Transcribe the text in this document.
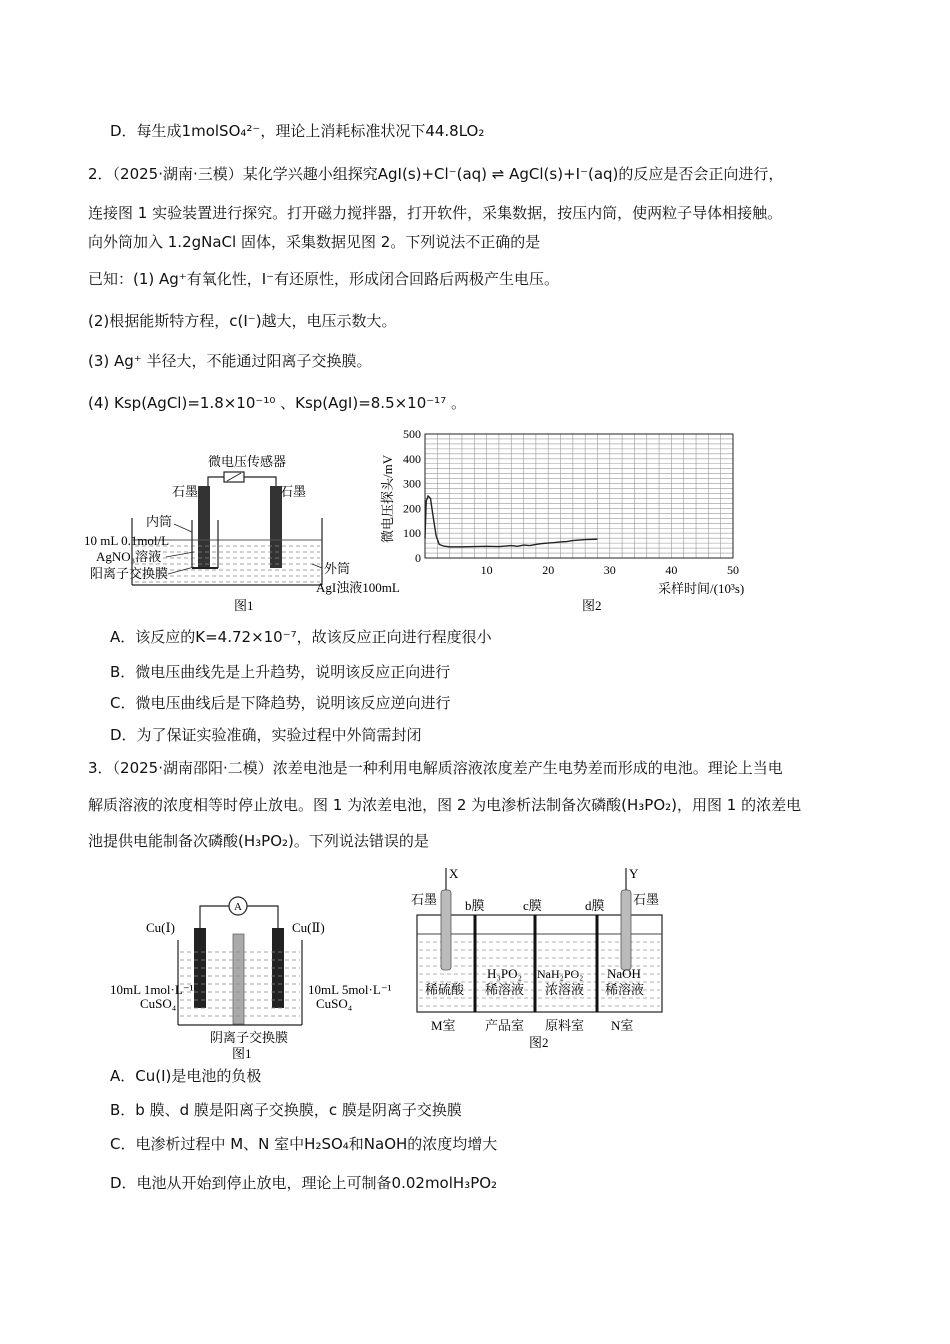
D．每生成1molSO₄²⁻，理论上消耗标准状况下44.8LO₂
2．（2025·湖南·三模）某化学兴趣小组探究AgI(s)+Cl⁻(aq) ⇌ AgCl(s)+I⁻(aq)的反应是否会正向进行，
连接图 1 实验装置进行探究。打开磁力搅拌器，打开软件，采集数据，按压内筒，使两粒子导体相接触。
向外筒加入 1.2gNaCl 固体，采集数据见图 2。下列说法不正确的是
已知：(1) Ag⁺有氧化性，I⁻有还原性，形成闭合回路后两极产生电压。
(2)根据能斯特方程，c(I⁻)越大，电压示数大。
(3) Ag⁺ 半径大，不能通过阳离子交换膜。
(4) Ksp(AgCl)=1.8×10⁻¹⁰ 、Ksp(AgI)=8.5×10⁻¹⁷ 。
微电压传感器
石墨	石墨
内筒
10 mL 0.1mol/L
AgNO₃溶液
阳离子交换膜	外筒
AgI浊液100mL
图1
0
100
200
300
400
500
10	20	30	40	50
微电压探头/mV
采样时间/(10³s)
图2
A．该反应的K=4.72×10⁻⁷，故该反应正向进行程度很小
B．微电压曲线先是上升趋势，说明该反应正向进行
C．微电压曲线后是下降趋势，说明该反应逆向进行
D．为了保证实验准确，实验过程中外筒需封闭
3．（2025·湖南邵阳·二模）浓差电池是一种利用电解质溶液浓度差产生电势差而形成的电池。理论上当电
解质溶液的浓度相等时停止放电。图 1 为浓差电池，图 2 为电渗析法制备次磷酸(H₃PO₂)，用图 1 的浓差电
池提供电能制备次磷酸(H₃PO₂)。下列说法错误的是
A
Cu(Ⅰ)	Cu(Ⅱ)
10mL 1mol·L⁻¹
CuSO₄
10mL 5mol·L⁻¹
CuSO₄
阴离子交换膜
图1
X	Y
石墨	石墨
b膜	c膜	d膜
稀硫酸
H₃PO₂
稀溶液
NaH₂PO₂
浓溶液
NaOH
稀溶液
M室 产品室 原料室 N室
图2
A．Cu(Ⅰ)是电池的负极
B．b 膜、d 膜是阳离子交换膜，c 膜是阴离子交换膜
C．电渗析过程中 M、N 室中H₂SO₄和NaOH的浓度均增大
D．电池从开始到停止放电，理论上可制备0.02molH₃PO₂
